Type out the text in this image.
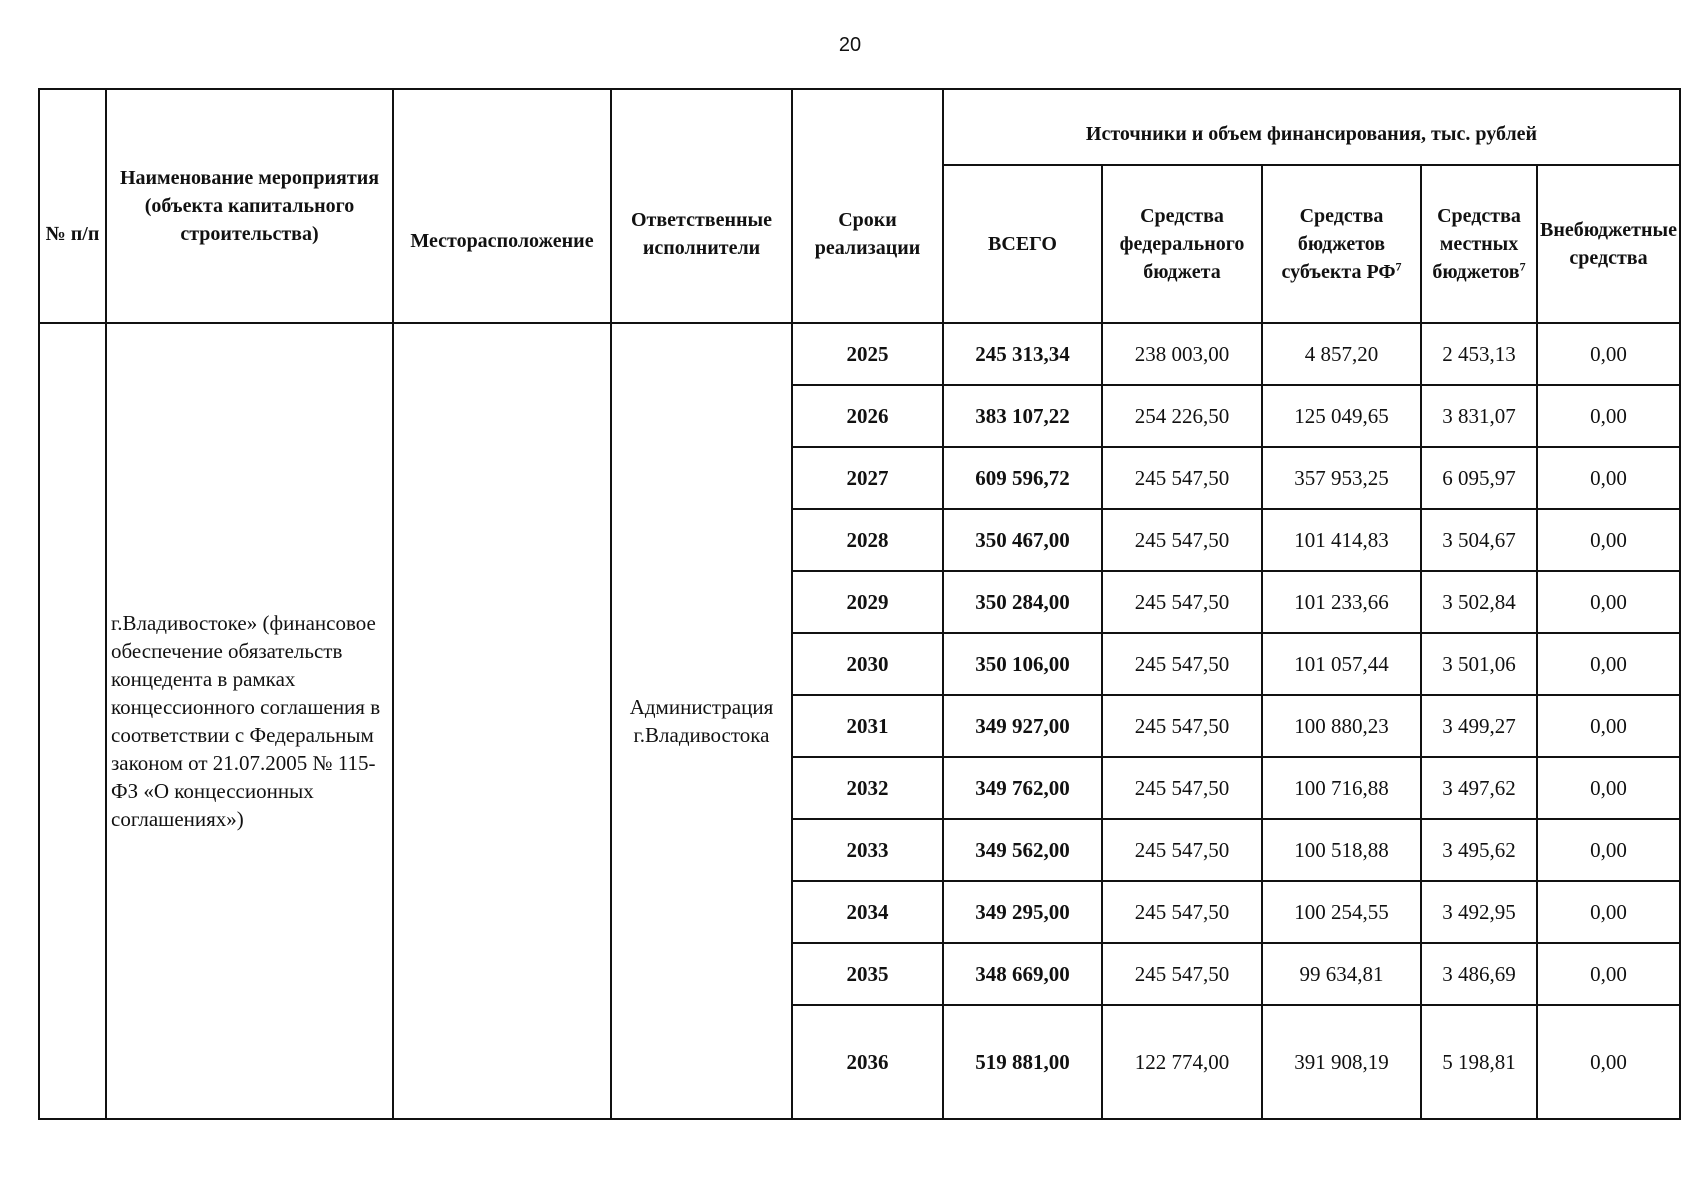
20
№ п/п	Наименование мероприятия (объекта капитального строительства)	Месторасположение	Ответственные исполнители	Сроки реализации	Источники и объем финансирования, тыс. рублей				

					ВСЕГО	Средства федерального бюджета	Средства бюджетов субъекта $РФ^7$	Средства местных бюджетов$^7$	Внебюджетные средства
	г.Владивостоке» (финансовое обеспечение обязательств концедента в рамках концессионного соглашения в соответствии с Федеральным законом от 21.07.2005 № 115-ФЗ «О концессионных соглашениях»)		Администрация г.Владивостока	2025	245 313,34	238 003,00	4 857,20	2 453,13	0,00
				2026	383 107,22	254 226,50	125 049,65	3 831,07	0,00
				2027	609 596,72	245 547,50	357 953,25	6 095,97	0,00
				2028	350 467,00	245 547,50	101 414,83	3 504,67	0,00
				2029	350 284,00	245 547,50	101 233,66	3 502,84	0,00
				2030	350 106,00	245 547,50	101 057,44	3 501,06	0,00
				2031	349 927,00	245 547,50	100 880,23	3 499,27	0,00
				2032	349 762,00	245 547,50	100 716,88	3 497,62	0,00
				2033	349 562,00	245 547,50	100 518,88	3 495,62	0,00
				2034	349 295,00	245 547,50	100 254,55	3 492,95	0,00
				2035	348 669,00	245 547,50	99 634,81	3 486,69	0,00
				2036	519 881,00	122 774,00	391 908,19	5 198,81	0,00
